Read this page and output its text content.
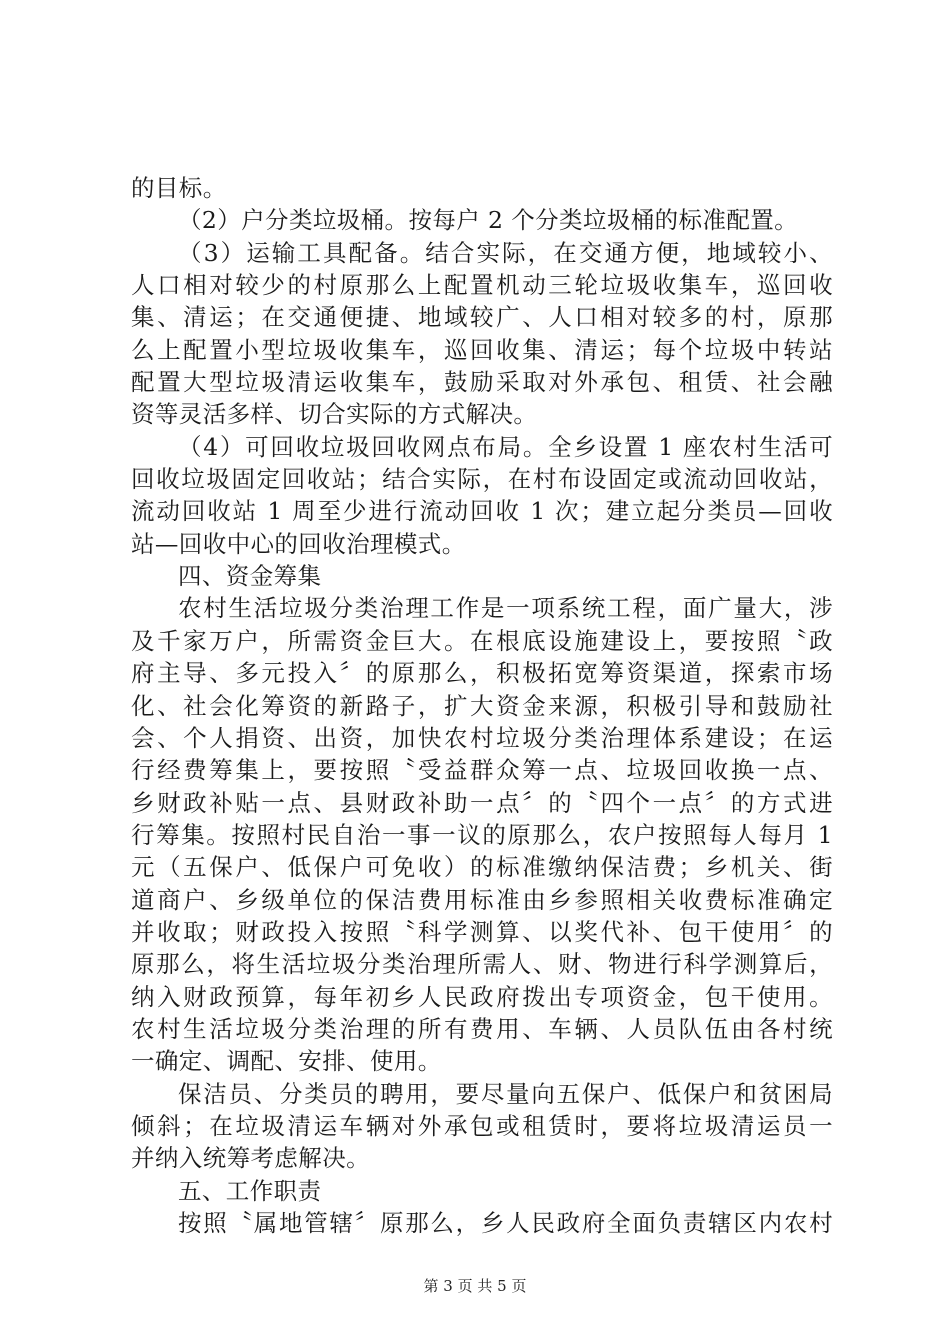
的目标。
（2）户分类垃圾桶。按每户 2 个分类垃圾桶的标准配置。
（3）运输工具配备。结合实际，在交通方便，地域较小、
人口相对较少的村原那么上配置机动三轮垃圾收集车，巡回收
集、清运；在交通便捷、地域较广、人口相对较多的村，原那
么上配置小型垃圾收集车，巡回收集、清运；每个垃圾中转站
配置大型垃圾清运收集车，鼓励采取对外承包、租赁、社会融
资等灵活多样、切合实际的方式解决。
（4）可回收垃圾回收网点布局。全乡设置 1 座农村生活可
回收垃圾固定回收站；结合实际，在村布设固定或流动回收站，
流动回收站 1 周至少进行流动回收 1 次；建立起分类员—回收
站—回收中心的回收治理模式。
四、资金筹集
农村生活垃圾分类治理工作是一项系统工程，面广量大，涉
及千家万户，所需资金巨大。在根底设施建设上，要按照〝政
府主导、多元投入〞的原那么，积极拓宽筹资渠道，探索市场
化、社会化筹资的新路子，扩大资金来源，积极引导和鼓励社
会、个人捐资、出资，加快农村垃圾分类治理体系建设；在运
行经费筹集上，要按照〝受益群众筹一点、垃圾回收换一点、
乡财政补贴一点、县财政补助一点〞的〝四个一点〞的方式进
行筹集。按照村民自治一事一议的原那么，农户按照每人每月 1
元（五保户、低保户可免收）的标准缴纳保洁费；乡机关、街
道商户、乡级单位的保洁费用标准由乡参照相关收费标准确定
并收取；财政投入按照〝科学测算、以奖代补、包干使用〞的
原那么，将生活垃圾分类治理所需人、财、物进行科学测算后，
纳入财政预算，每年初乡人民政府拨出专项资金，包干使用。
农村生活垃圾分类治理的所有费用、车辆、人员队伍由各村统
一确定、调配、安排、使用。
保洁员、分类员的聘用，要尽量向五保户、低保户和贫困局
倾斜；在垃圾清运车辆对外承包或租赁时，要将垃圾清运员一
并纳入统筹考虑解决。
五、工作职责
按照〝属地管辖〞原那么，乡人民政府全面负责辖区内农村
第 3 页 共 5 页
